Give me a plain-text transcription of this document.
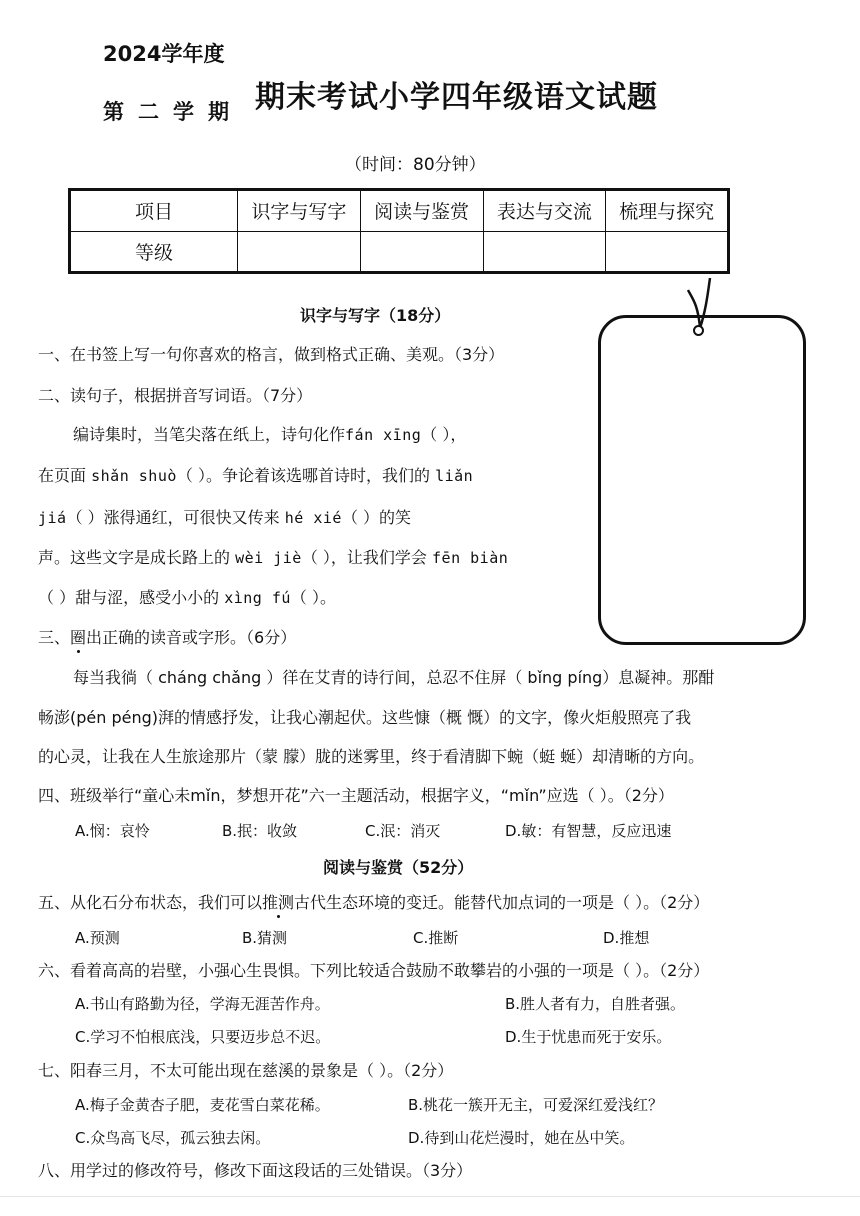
2024学年度
第二学期 期末考试小学四年级语文试题
（时间：80分钟）
项目	识字与写字	阅读与鉴赏	表达与交流	梳理与探究
等级				
识字与写字（18分）
一、在书签上写一句你喜欢的格言，做到格式正确、美观。（3分）
二、读句子，根据拼音写词语。（7分）
编诗集时，当笔尖落在纸上，诗句化作fán xīng（ ），
在页面 shǎn shuò（ ）。争论着该选哪首诗时，我们的 liǎn
jiá（ ）涨得通红，可很快又传来 hé xié（ ）的笑
声。这些文字是成长路上的 wèi jiè（ ），让我们学会 fēn biàn
（ ）甜与涩，感受小小的 xìng fú（ ）。
三、圈出正确的读音或字形。（6分）
每当我徜（ cháng chǎng ）徉在艾青的诗行间，总忍不住屏（ bǐng píng）息凝神。那酣
畅澎(pén péng)湃的情感抒发，让我心潮起伏。这些慷（概 慨）的文字，像火炬般照亮了我
的心灵，让我在人生旅途那片（蒙 朦）胧的迷雾里，终于看清脚下蜿（蜓 蜒）却清晰的方向。
四、班级举行“童心未mǐn，梦想开花”六一主题活动，根据字义，“mǐn”应选（ ）。（2分）
A.悯：哀怜	B.抿：收敛	C.泯：消灭	D.敏：有智慧，反应迅速
阅读与鉴赏（52分）
五、从化石分布状态，我们可以推测古代生态环境的变迁。能替代加点词的一项是（ ）。（2分）
A.预测	B.猜测	C.推断	D.推想
六、看着高高的岩壁，小强心生畏惧。下列比较适合鼓励不敢攀岩的小强的一项是（ ）。（2分）
A.书山有路勤为径，学海无涯苦作舟。	B.胜人者有力，自胜者强。
C.学习不怕根底浅，只要迈步总不迟。	D.生于忧患而死于安乐。
七、阳春三月，不太可能出现在慈溪的景象是（ ）。（2分）
A.梅子金黄杏子肥，麦花雪白菜花稀。	B.桃花一簇开无主，可爱深红爱浅红？
C.众鸟高飞尽，孤云独去闲。	D.待到山花烂漫时，她在丛中笑。
八、用学过的修改符号，修改下面这段话的三处错误。（3分）
